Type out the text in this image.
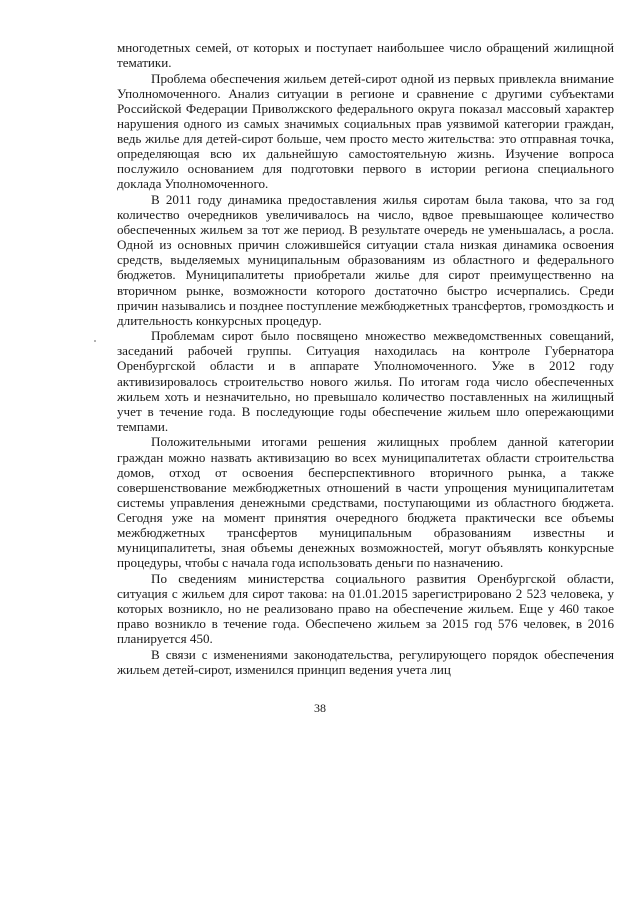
многодетных семей, от которых и поступает наибольшее число обращений жилищной тематики.

Проблема обеспечения жильем детей-сирот одной из первых привлекла внимание Уполномоченного. Анализ ситуации в регионе и сравнение с другими субъектами Российской Федерации Приволжского федерального округа показал массовый характер нарушения одного из самых значимых социальных прав уязвимой категории граждан, ведь жилье для детей-сирот больше, чем просто место жительства: это отправная точка, определяющая всю их дальнейшую самостоятельную жизнь. Изучение вопроса послужило основанием для подготовки первого в истории региона специального доклада Уполномоченного.

В 2011 году динамика предоставления жилья сиротам была такова, что за год количество очередников увеличивалось на число, вдвое превышающее количество обеспеченных жильем за тот же период. В результате очередь не уменьшалась, а росла. Одной из основных причин сложившейся ситуации стала низкая динамика освоения средств, выделяемых муниципальным образованиям из областного и федерального бюджетов. Муниципалитеты приобретали жилье для сирот преимущественно на вторичном рынке, возможности которого достаточно быстро исчерпались. Среди причин назывались и позднее поступление межбюджетных трансфертов, громоздкость и длительность конкурсных процедур.

Проблемам сирот было посвящено множество межведомственных совещаний, заседаний рабочей группы. Ситуация находилась на контроле Губернатора Оренбургской области и в аппарате Уполномоченного. Уже в 2012 году активизировалось строительство нового жилья. По итогам года число обеспеченных жильем хоть и незначительно, но превышало количество поставленных на жилищный учет в течение года. В последующие годы обеспечение жильем шло опережающими темпами.

Положительными итогами решения жилищных проблем данной категории граждан можно назвать активизацию во всех муниципалитетах области строительства домов, отход от освоения бесперспективного вторичного рынка, а также совершенствование межбюджетных отношений в части упрощения муниципалитетам системы управления денежными средствами, поступающими из областного бюджета. Сегодня уже на момент принятия очередного бюджета практически все объемы межбюджетных трансфертов муниципальным образованиям известны и муниципалитеты, зная объемы денежных возможностей, могут объявлять конкурсные процедуры, чтобы с начала года использовать деньги по назначению.

По сведениям министерства социального развития Оренбургской области, ситуация с жильем для сирот такова: на 01.01.2015 зарегистрировано 2 523 человека, у которых возникло, но не реализовано право на обеспечение жильем. Еще у 460 такое право возникло в течение года. Обеспечено жильем за 2015 год 576 человек, в 2016 планируется 450.

В связи с изменениями законодательства, регулирующего порядок обеспечения жильем детей-сирот, изменился принцип ведения учета лиц

38
